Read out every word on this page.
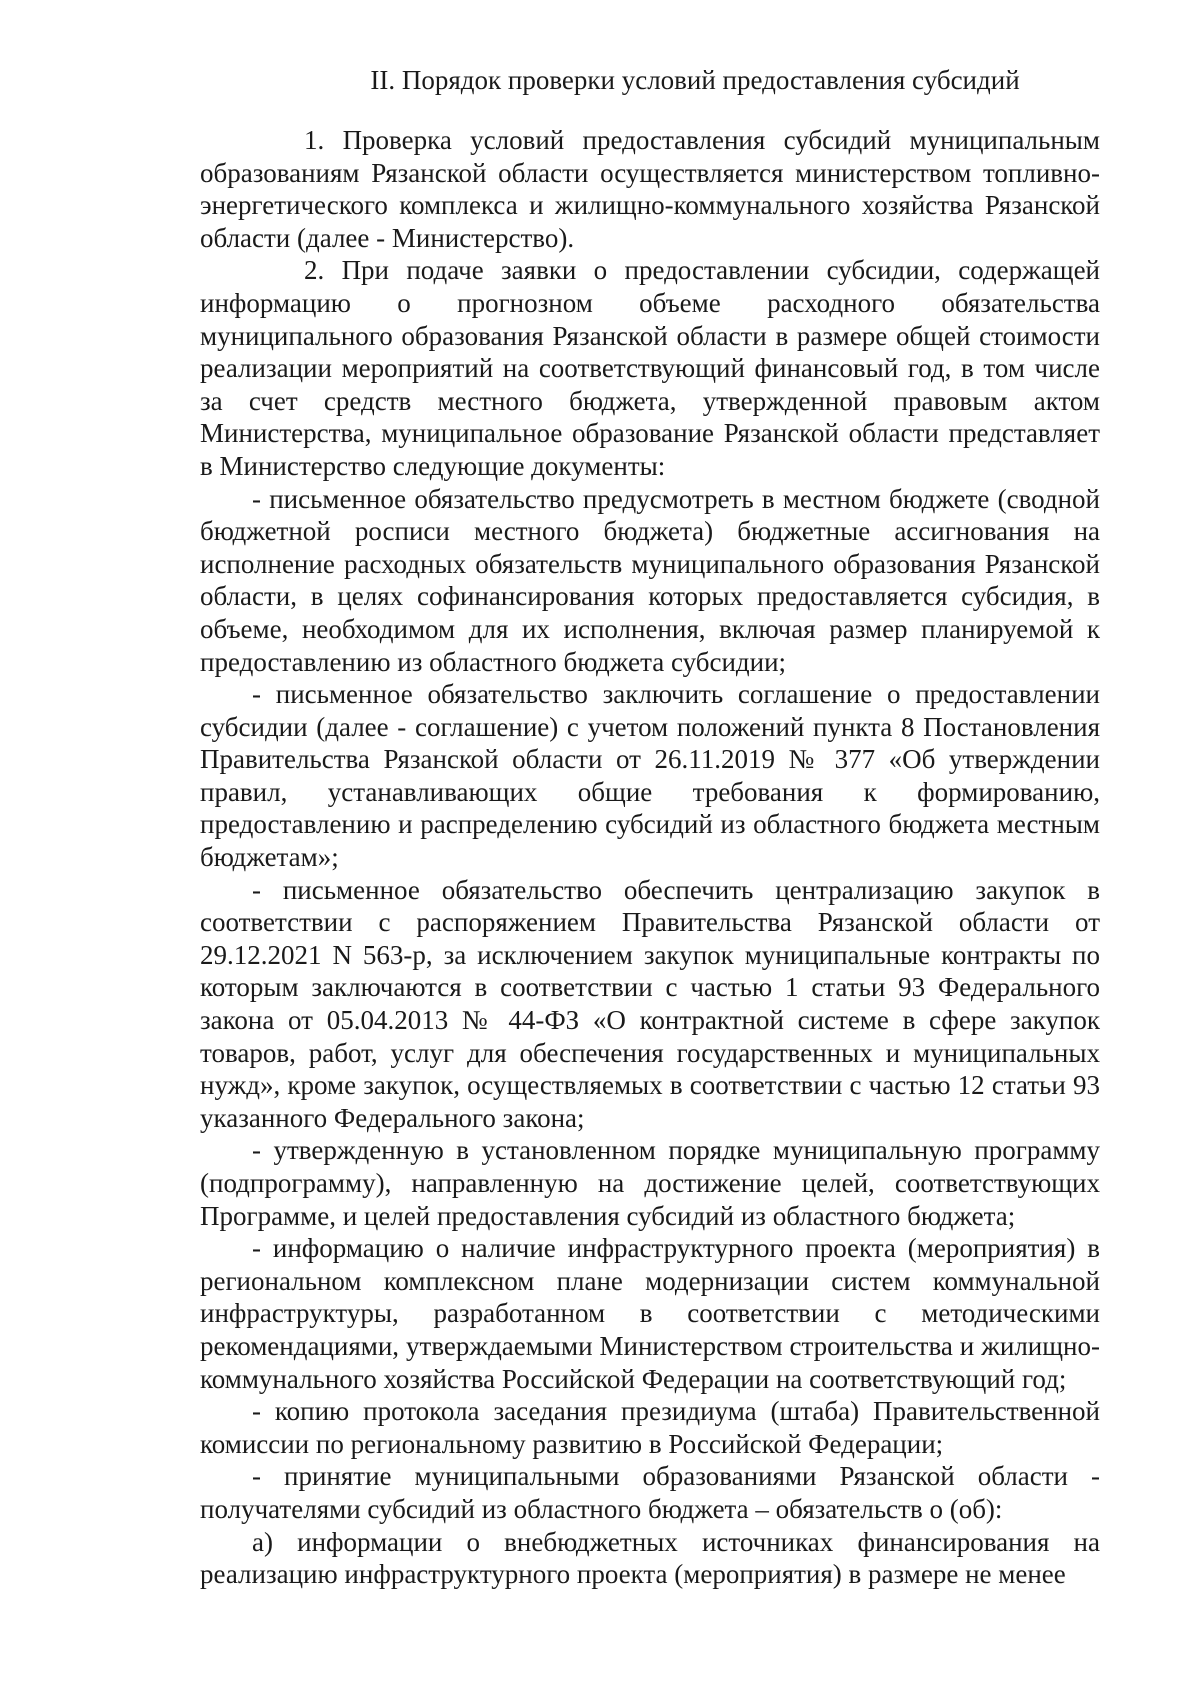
II. Порядок проверки условий предоставления субсидий

1. Проверка условий предоставления субсидий муниципальным образованиям Рязанской области осуществляется министерством топливно-энергетического комплекса и жилищно-коммунального хозяйства Рязанской области (далее - Министерство).

2. При подаче заявки о предоставлении субсидии, содержащей информацию о прогнозном объеме расходного обязательства муниципального образования Рязанской области в размере общей стоимости реализации мероприятий на соответствующий финансовый год, в том числе за счет средств местного бюджета, утвержденной правовым актом Министерства, муниципальное образование Рязанской области представляет в Министерство следующие документы:

- письменное обязательство предусмотреть в местном бюджете (сводной бюджетной росписи местного бюджета) бюджетные ассигнования на исполнение расходных обязательств муниципального образования Рязанской области, в целях софинансирования которых предоставляется субсидия, в объеме, необходимом для их исполнения, включая размер планируемой к предоставлению из областного бюджета субсидии;

- письменное обязательство заключить соглашение о предоставлении субсидии (далее - соглашение) с учетом положений пункта 8 Постановления Правительства Рязанской области от 26.11.2019 № 377 «Об утверждении правил, устанавливающих общие требования к формированию, предоставлению и распределению субсидий из областного бюджета местным бюджетам»;

- письменное обязательство обеспечить централизацию закупок в соответствии с распоряжением Правительства Рязанской области от 29.12.2021 N 563-р, за исключением закупок муниципальные контракты по которым заключаются в соответствии с частью 1 статьи 93 Федерального закона от 05.04.2013 № 44-ФЗ «О контрактной системе в сфере закупок товаров, работ, услуг для обеспечения государственных и муниципальных нужд», кроме закупок, осуществляемых в соответствии с частью 12 статьи 93 указанного Федерального закона;

- утвержденную в установленном порядке муниципальную программу (подпрограмму), направленную на достижение целей, соответствующих Программе, и целей предоставления субсидий из областного бюджета;

- информацию о наличие инфраструктурного проекта (мероприятия) в региональном комплексном плане модернизации систем коммунальной инфраструктуры, разработанном в соответствии с методическими рекомендациями, утверждаемыми Министерством строительства и жилищно-коммунального хозяйства Российской Федерации на соответствующий год;

- копию протокола заседания президиума (штаба) Правительственной комиссии по региональному развитию в Российской Федерации;

- принятие муниципальными образованиями Рязанской области - получателями субсидий из областного бюджета – обязательств о (об):

а) информации о внебюджетных источниках финансирования на реализацию инфраструктурного проекта (мероприятия) в размере не менее
